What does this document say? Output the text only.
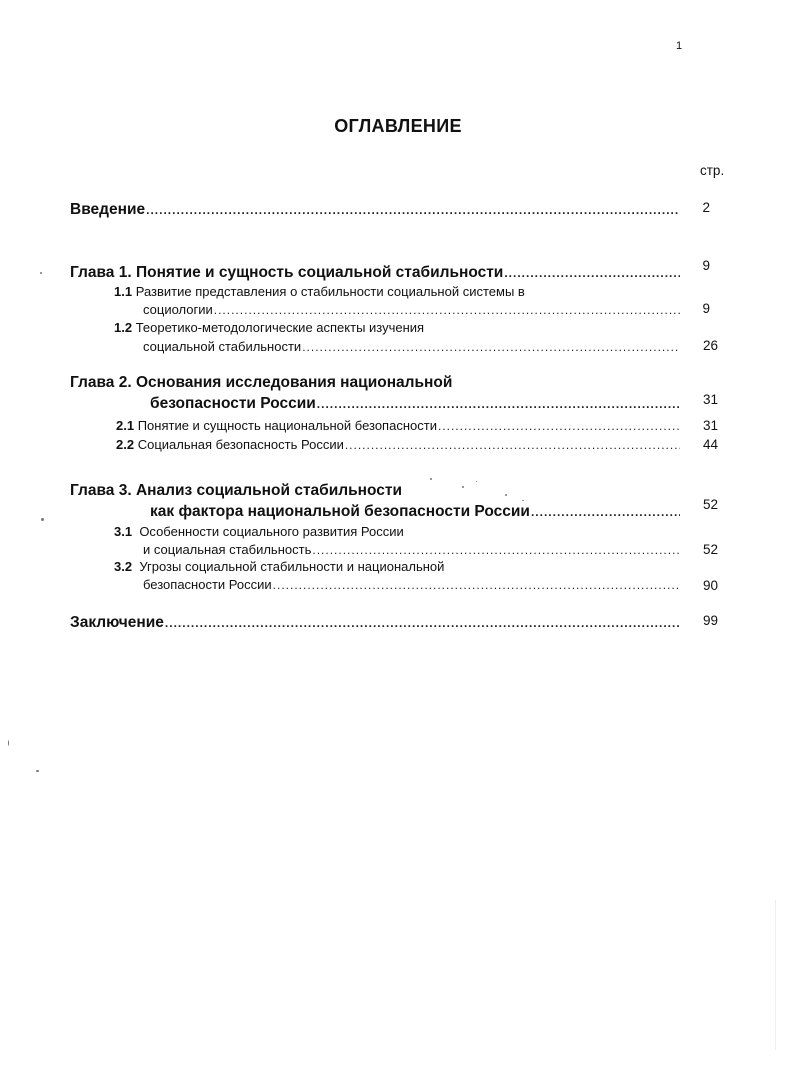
1
ОГЛАВЛЕНИЕ
стр.
Введение .....	2
Глава 1. Понятие и сущность социальной стабильности .....	9
1.1 Развитие представления о стабильности социальной системы в
социологии .....	9
1.2 Теоретико-методологические аспекты изучения
социальной стабильности .....	26
Глава 2. Основания исследования национальной
безопасности России .....	31
2.1
Понятие и сущность национальной безопасности .....	31
2.2
Социальная безопасность России .....	44
Глава 3. Анализ социальной стабильности
как фактора национальной безопасности России .....	52
3.1 Особенности социального развития России
и социальная стабильность .....	52
3.2 Угрозы социальной стабильности и национальной
безопасности России .....	90
Заключение .....	99
